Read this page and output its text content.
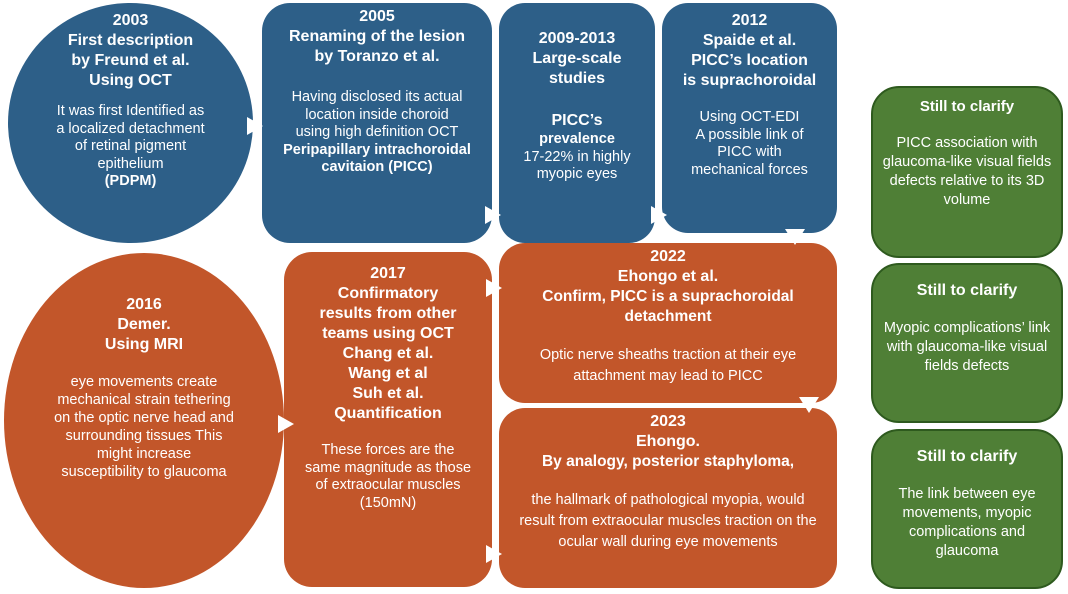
2003
First description
by Freund et al.
Using OCT
It was first Identified as a localized detachment of retinal pigment epithelium
(PDPM)
2005
Renaming of the lesion
by Toranzo et al.
Having disclosed its actual location inside choroid using high definition OCT
Peripapillary intrachoroidal cavitaion (PICC)
2009-2013
Large-scale
studies
PICC’s
prevalence
17-22% in highly myopic eyes
2012
Spaide et al.
PICC’s location
is suprachoroidal
Using OCT-EDI
A possible link of PICC with mechanical forces
2016
Demer.
Using MRI
eye movements create mechanical strain tethering on the optic nerve head and surrounding tissues This might increase susceptibility to glaucoma
2017
Confirmatory
results from other
teams using OCT
Chang et al.
Wang et al
Suh et al.
Quantification
These forces are the same magnitude as those of extraocular muscles (150mN)
2022
Ehongo et al.
Confirm, PICC is a suprachoroidal detachment
Optic nerve sheaths traction at their eye attachment may lead to PICC
2023
Ehongo.
By analogy, posterior staphyloma,
the hallmark of pathological myopia, would result from extraocular muscles traction on the ocular wall during eye movements
Still to clarify
PICC association with glaucoma-like visual fields defects relative to its 3D volume
Still to clarify
Myopic complications’ link with glaucoma-like visual fields defects
Still to clarify
The link between eye movements, myopic complications and glaucoma
